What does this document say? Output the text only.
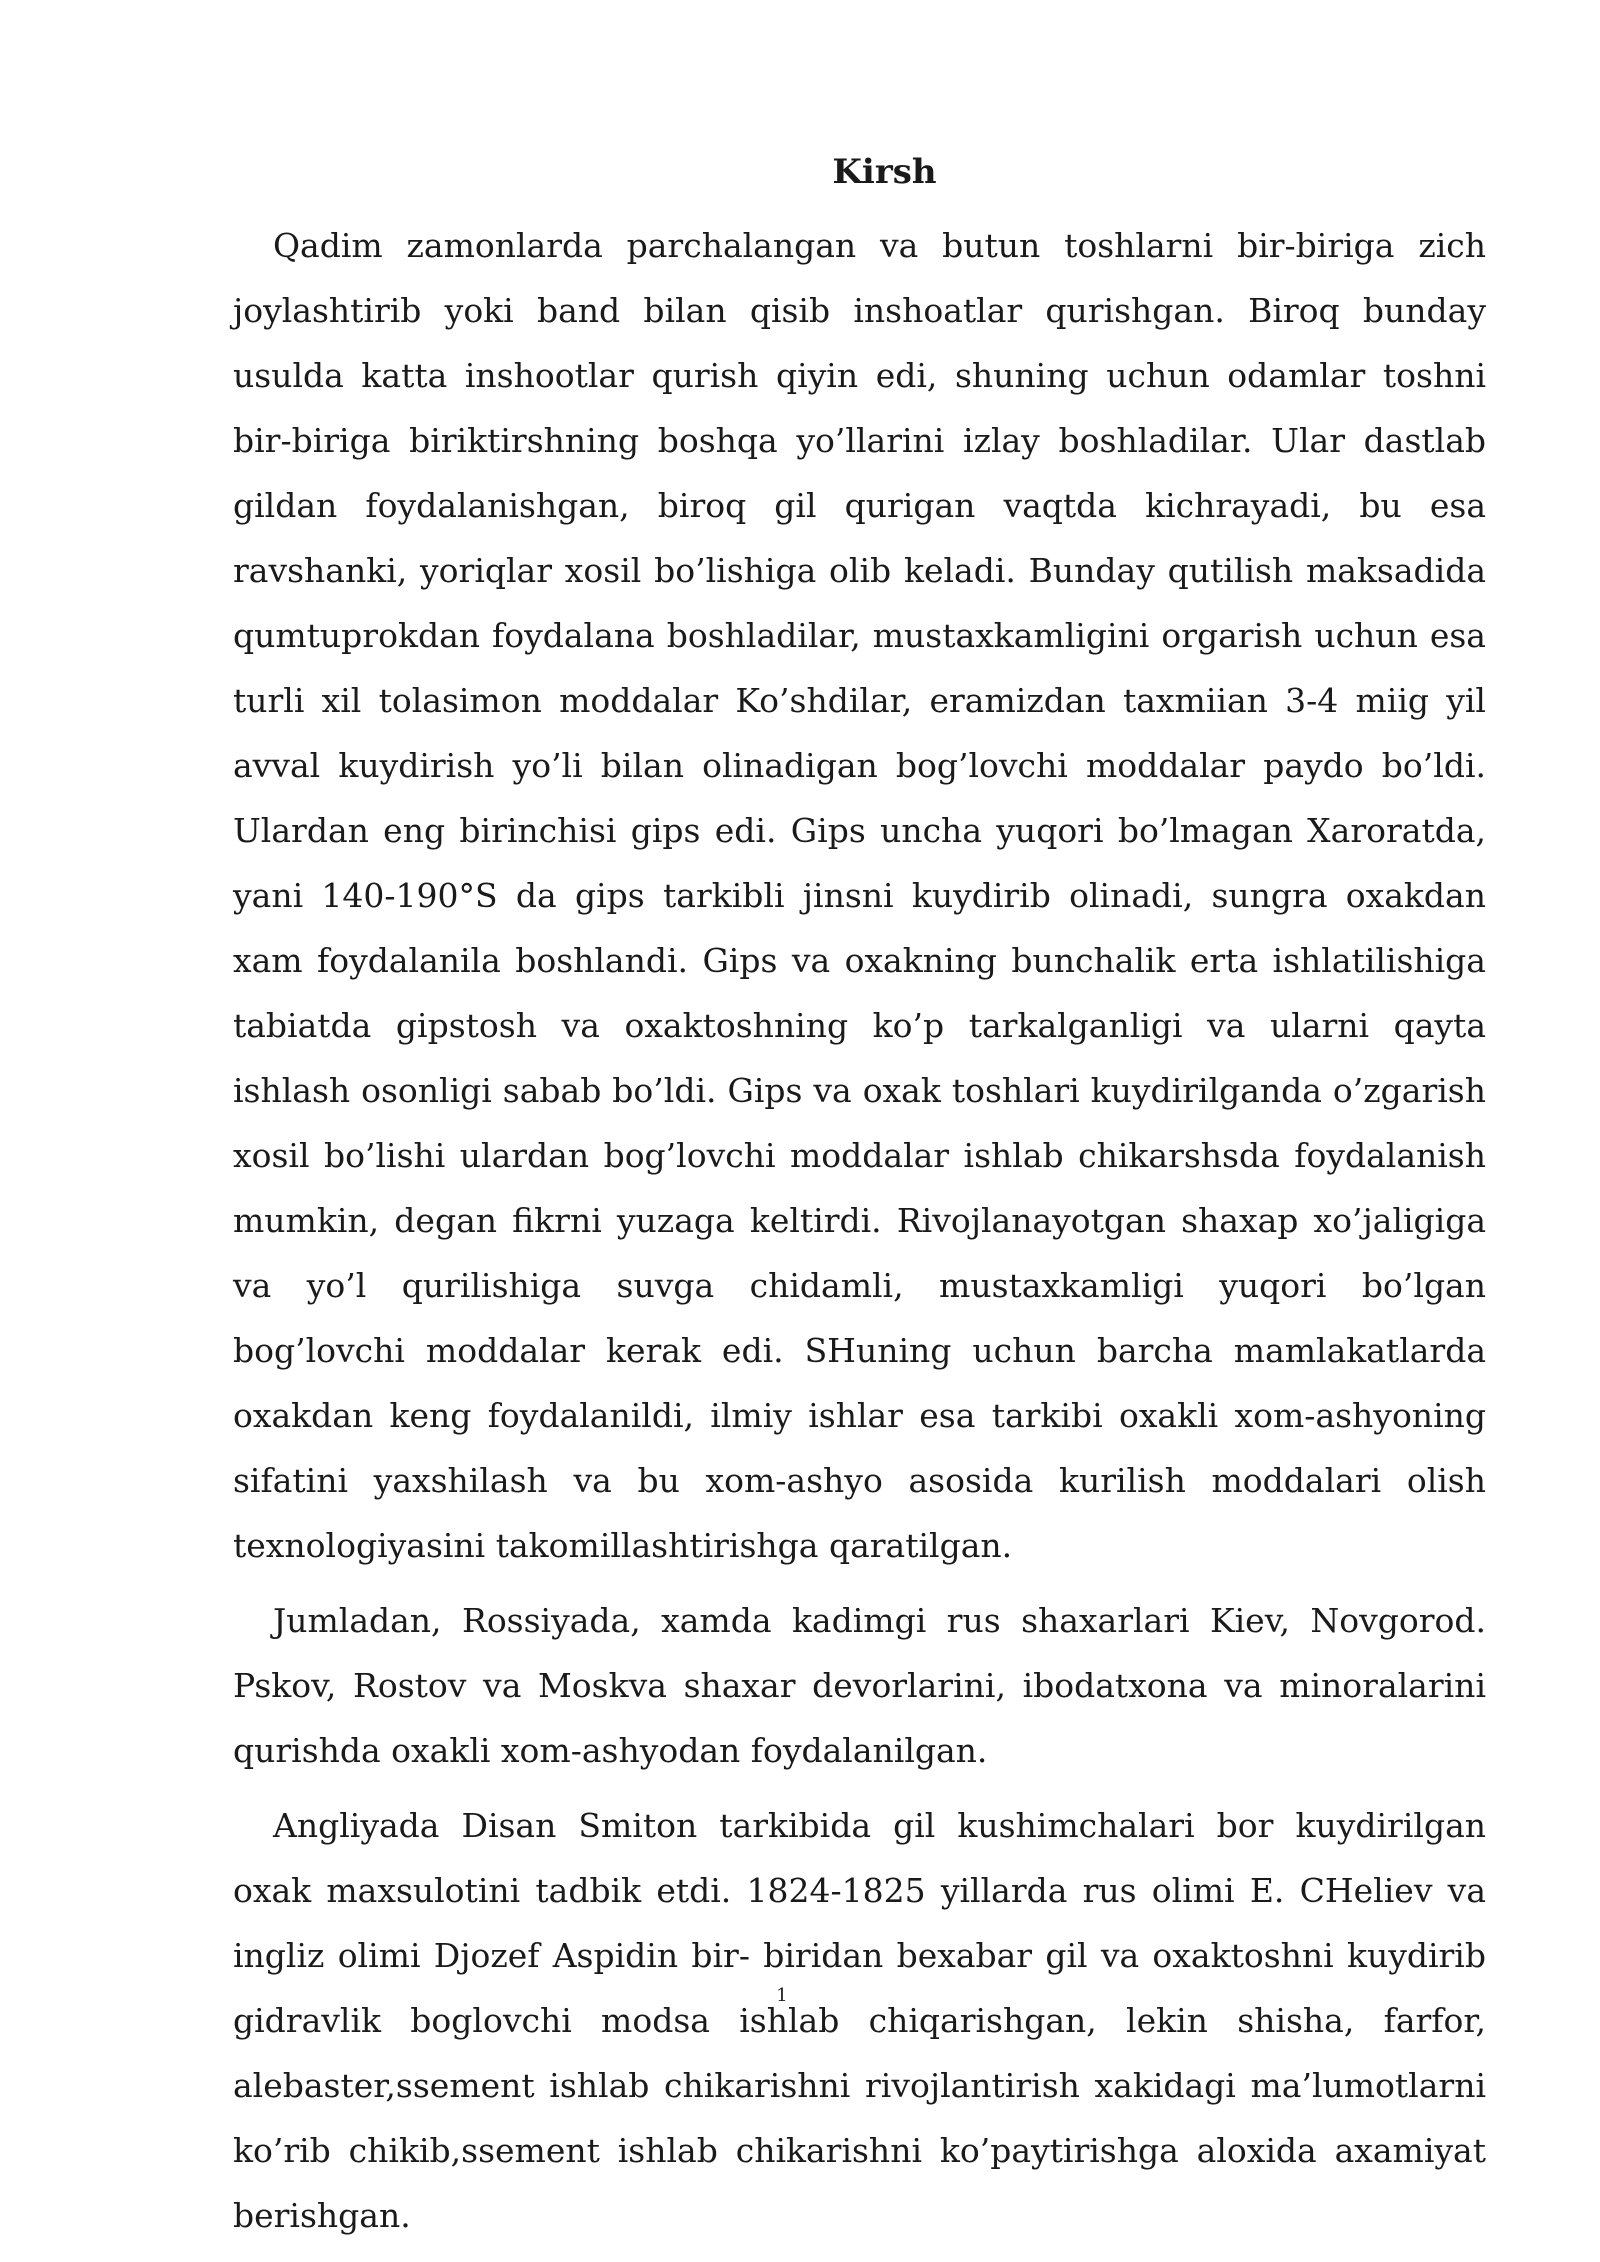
Kirsh

Qadim zamonlarda parchalangan va butun toshlarni bir-biriga zich joylashtirib yoki band bilan qisib inshoatlar qurishgan. Biroq bunday usulda katta inshootlar qurish qiyin edi, shuning uchun odamlar toshni bir-biriga biriktirshning boshqa yo’llarini izlay boshladilar. Ular dastlab gildan foydalanishgan, biroq gil qurigan vaqtda kichrayadi, bu esa ravshanki, yoriqlar xosil bo’lishiga olib keladi. Bunday qutilish maksadida qumtuprokdan foydalana boshladilar, mustaxkamligini orgarish uchun esa turli xil tolasimon moddalar Ko’shdilar, eramizdan taxmiian 3-4 miig yil avval kuydirish yo’li bilan olinadigan bog’lovchi moddalar paydo bo’ldi. Ulardan eng birinchisi gips edi. Gips uncha yuqori bo’lmagan Xaroratda, yani 140-190°S da gips tarkibli jinsni kuydirib olinadi, sungra oxakdan xam foydalanila boshlandi. Gips va oxakning bunchalik erta ishlatilishiga tabiatda gipstosh va oxaktoshning ko’p tarkalganligi va ularni qayta ishlash osonligi sabab bo’ldi. Gips va oxak toshlari kuydirilganda o’zgarish xosil bo’lishi ulardan bog’lovchi moddalar ishlab chikarshsda foydalanish mumkin, degan fikrni yuzaga keltirdi. Rivojlanayotgan shaxap xo’jaligiga va yo’l qurilishiga suvga chidamli, mustaxkamligi yuqori bo’lgan bog’lovchi moddalar kerak edi. SHuning uchun barcha mamlakatlarda oxakdan keng foydalanildi, ilmiy ishlar esa tarkibi oxakli xom-ashyoning sifatini yaxshilash va bu xom-ashyo asosida kurilish moddalari olish texnologiyasini takomillashtirishga qaratilgan.

Jumladan, Rossiyada, xamda kadimgi rus shaxarlari Kiev, Novgorod. Pskov, Rostov va Moskva shaxar devorlarini, ibodatxona va minoralarini qurishda oxakli xom-ashyodan foydalanilgan.

Angliyada Disan Smiton tarkibida gil kushimchalari bor kuydirilgan oxak maxsulotini tadbik etdi. 1824-1825 yillarda rus olimi E. CHeliev va ingliz olimi Djozef Aspidin bir- biridan bexabar gil va oxaktoshni kuydirib gidravlik boglovchi modsa ishlab chiqarishgan, lekin shisha, farfor, alebaster,ssement ishlab chikarishni rivojlantirish xakidagi ma’lumotlarni ko’rib chikib,ssement ishlab chikarishni ko’paytirishga aloxida axamiyat berishgan.

1
